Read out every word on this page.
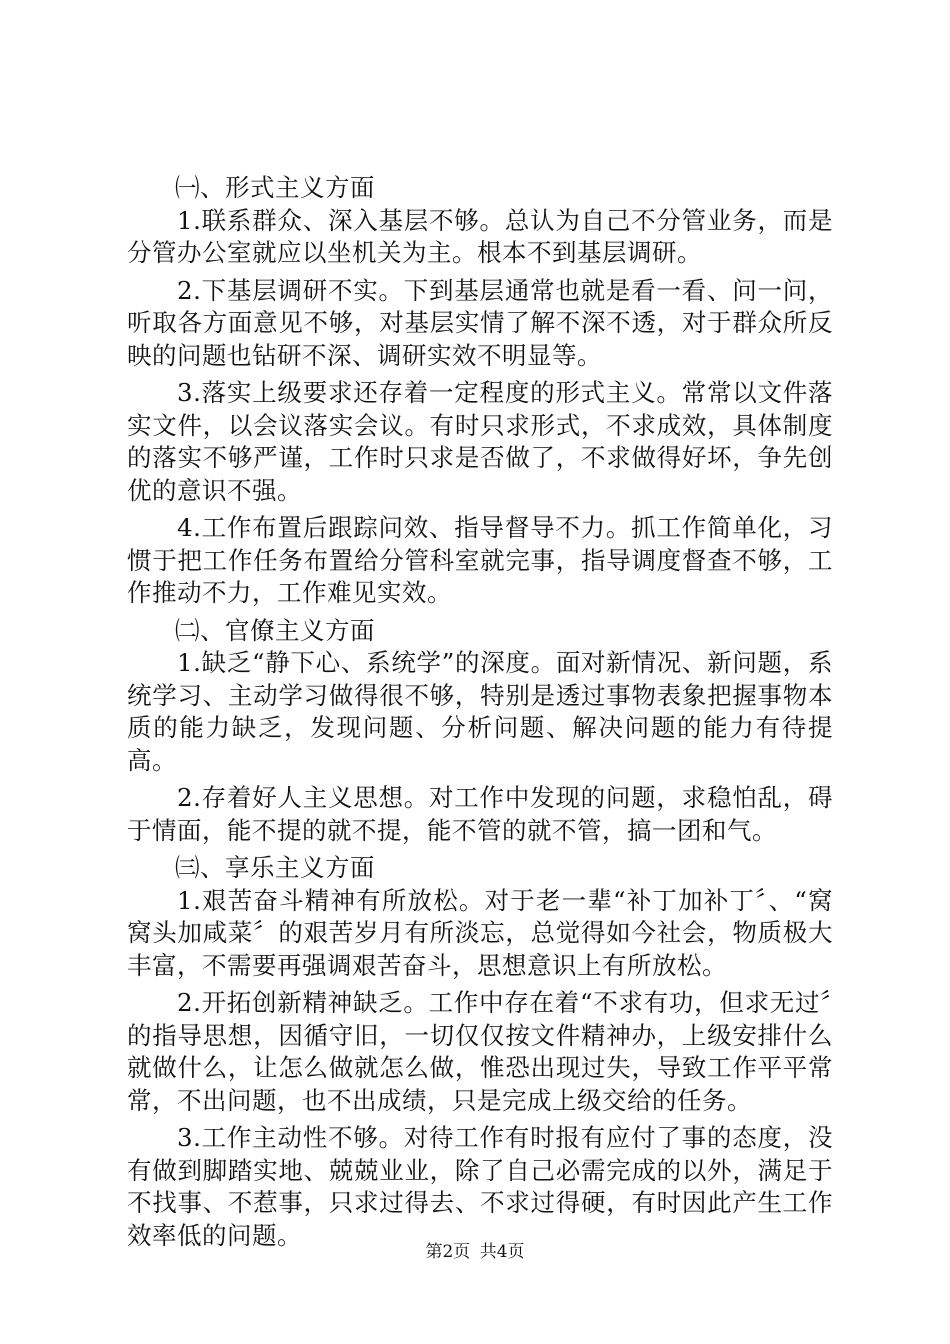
㈠、形式主义方面

1.联系群众、深入基层不够。总认为自己不分管业务，而是分管办公室就应以坐机关为主。根本不到基层调研。

2.下基层调研不实。下到基层通常也就是看一看、问一问，听取各方面意见不够，对基层实情了解不深不透，对于群众所反映的问题也钻研不深、调研实效不明显等。

3.落实上级要求还存着一定程度的形式主义。常常以文件落实文件，以会议落实会议。有时只求形式，不求成效，具体制度的落实不够严谨，工作时只求是否做了，不求做得好坏，争先创优的意识不强。

4.工作布置后跟踪问效、指导督导不力。抓工作简单化，习惯于把工作任务布置给分管科室就完事，指导调度督查不够，工作推动不力，工作难见实效。

㈡、官僚主义方面

1.缺乏“静下心、系统学”的深度。面对新情况、新问题，系统学习、主动学习做得很不够，特别是透过事物表象把握事物本质的能力缺乏，发现问题、分析问题、解决问题的能力有待提高。

2.存着好人主义思想。对工作中发现的问题，求稳怕乱，碍于情面，能不提的就不提，能不管的就不管，搞一团和气。

㈢、享乐主义方面

1.艰苦奋斗精神有所放松。对于老一辈“补丁加补丁〞、“窝窝头加咸菜〞的艰苦岁月有所淡忘，总觉得如今社会，物质极大丰富，不需要再强调艰苦奋斗，思想意识上有所放松。

2.开拓创新精神缺乏。工作中存在着“不求有功，但求无过〞的指导思想，因循守旧，一切仅仅按文件精神办，上级安排什么就做什么，让怎么做就怎么做，惟恐出现过失，导致工作平平常常，不出问题，也不出成绩，只是完成上级交给的任务。

3.工作主动性不够。对待工作有时报有应付了事的态度，没有做到脚踏实地、兢兢业业，除了自己必需完成的以外，满足于不找事、不惹事，只求过得去、不求过得硬，有时因此产生工作效率低的问题。

第2页 共4页
